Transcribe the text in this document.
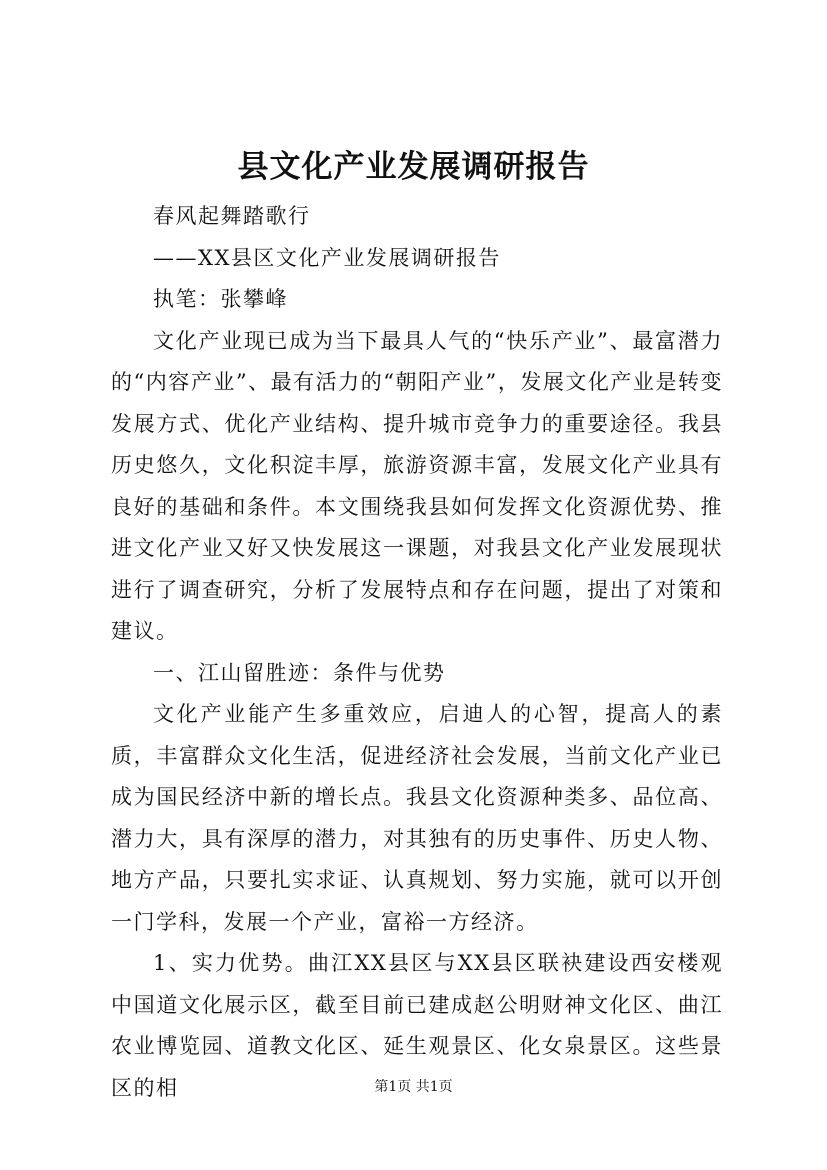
县文化产业发展调研报告

春风起舞踏歌行

——XX县区文化产业发展调研报告

执笔：张攀峰

文化产业现已成为当下最具人气的“快乐产业”、最富潜力的“内容产业”、最有活力的“朝阳产业”，发展文化产业是转变发展方式、优化产业结构、提升城市竞争力的重要途径。我县历史悠久，文化积淀丰厚，旅游资源丰富，发展文化产业具有良好的基础和条件。本文围绕我县如何发挥文化资源优势、推进文化产业又好又快发展这一课题，对我县文化产业发展现状进行了调查研究，分析了发展特点和存在问题，提出了对策和建议。

一、江山留胜迹：条件与优势

文化产业能产生多重效应，启迪人的心智，提高人的素质，丰富群众文化生活，促进经济社会发展，当前文化产业已成为国民经济中新的增长点。我县文化资源种类多、品位高、潜力大，具有深厚的潜力，对其独有的历史事件、历史人物、地方产品，只要扎实求证、认真规划、努力实施，就可以开创一门学科，发展一个产业，富裕一方经济。

1、实力优势。曲江XX县区与XX县区联袂建设西安楼观中国道文化展示区，截至目前已建成赵公明财神文化区、曲江农业博览园、道教文化区、延生观景区、化女泉景区。这些景区的相	第1页 共1页
